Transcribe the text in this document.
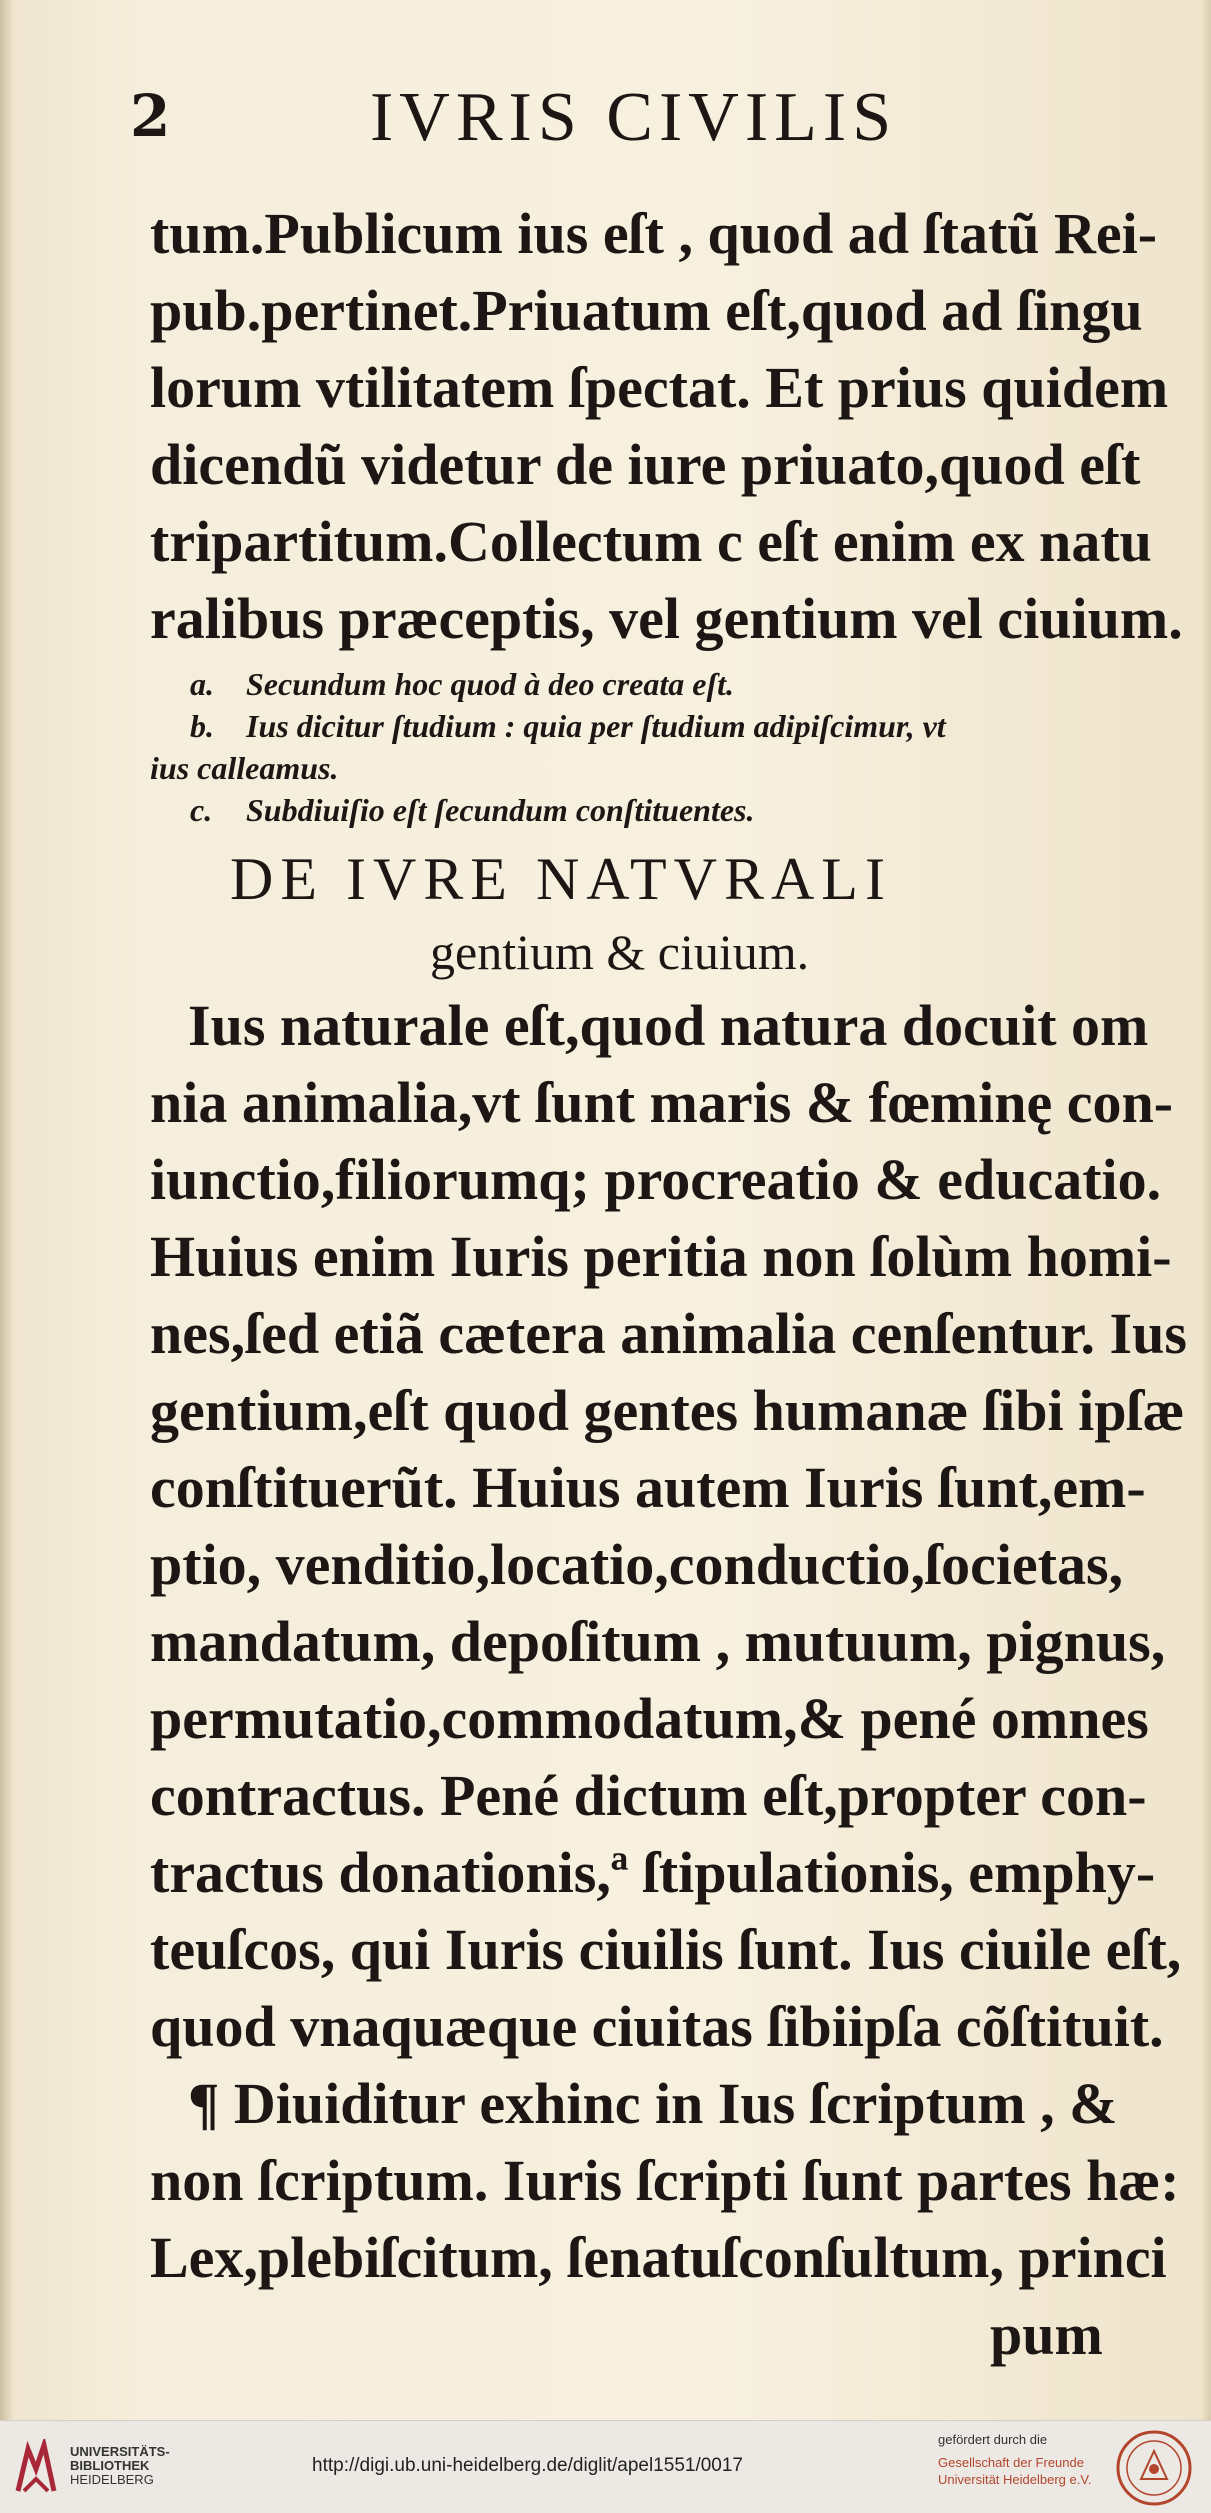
2	IVRIS CIVILIS
tum.Publicum ius eſt , quod ad ſtatũ Rei-
pub.pertinet.Priuatum eſt,quod ad ſingu
lorum vtilitatem ſpectat. Et prius quidem
dicendũ videtur de iure priuato,quod eſt
tripartitum.Collectum c eſt enim ex natu
ralibus præceptis, vel gentium vel ciuium.
a. Secundum hoc quod à deo creata eſt.
b. Ius dicitur ſtudium : quia per ſtudium adipiſcimur, vt
ius calleamus.
c. Subdiuiſio eſt ſecundum conſtituentes.
DE IVRE NATVRALI
gentium & ciuium.
Ius naturale eſt,quod natura docuit om
nia animalia,vt ſunt maris & fœminę con-
iunctio,filiorumq; procreatio & educatio.
Huius enim Iuris peritia non ſolùm homi-
nes,ſed etiã cætera animalia cenſentur. Ius
gentium,eſt quod gentes humanæ ſibi ipſæ
conſtituerũt. Huius autem Iuris ſunt,em-
ptio, venditio,locatio,conductio,ſocietas,
mandatum, depoſitum , mutuum, pignus,
permutatio,commodatum,& pené omnes
contractus. Pené dictum eſt,propter con-
tractus donationis,ª ſtipulationis, emphy-
teuſcos, qui Iuris ciuilis ſunt. Ius ciuile eſt,
quod vnaquæque ciuitas ſibiipſa cõſtituit.
¶ Diuiditur exhinc in Ius ſcriptum , &
non ſcriptum. Iuris ſcripti ſunt partes hæ:
Lex,plebiſcitum, ſenatuſconſultum, princi
pum
UNIVERSITÄTS-
BIBLIOTHEK
HEIDELBERG
http://digi.ub.uni-heidelberg.de/diglit/apel1551/0017
gefördert durch die
Gesellschaft der Freunde
Universität Heidelberg e.V.
